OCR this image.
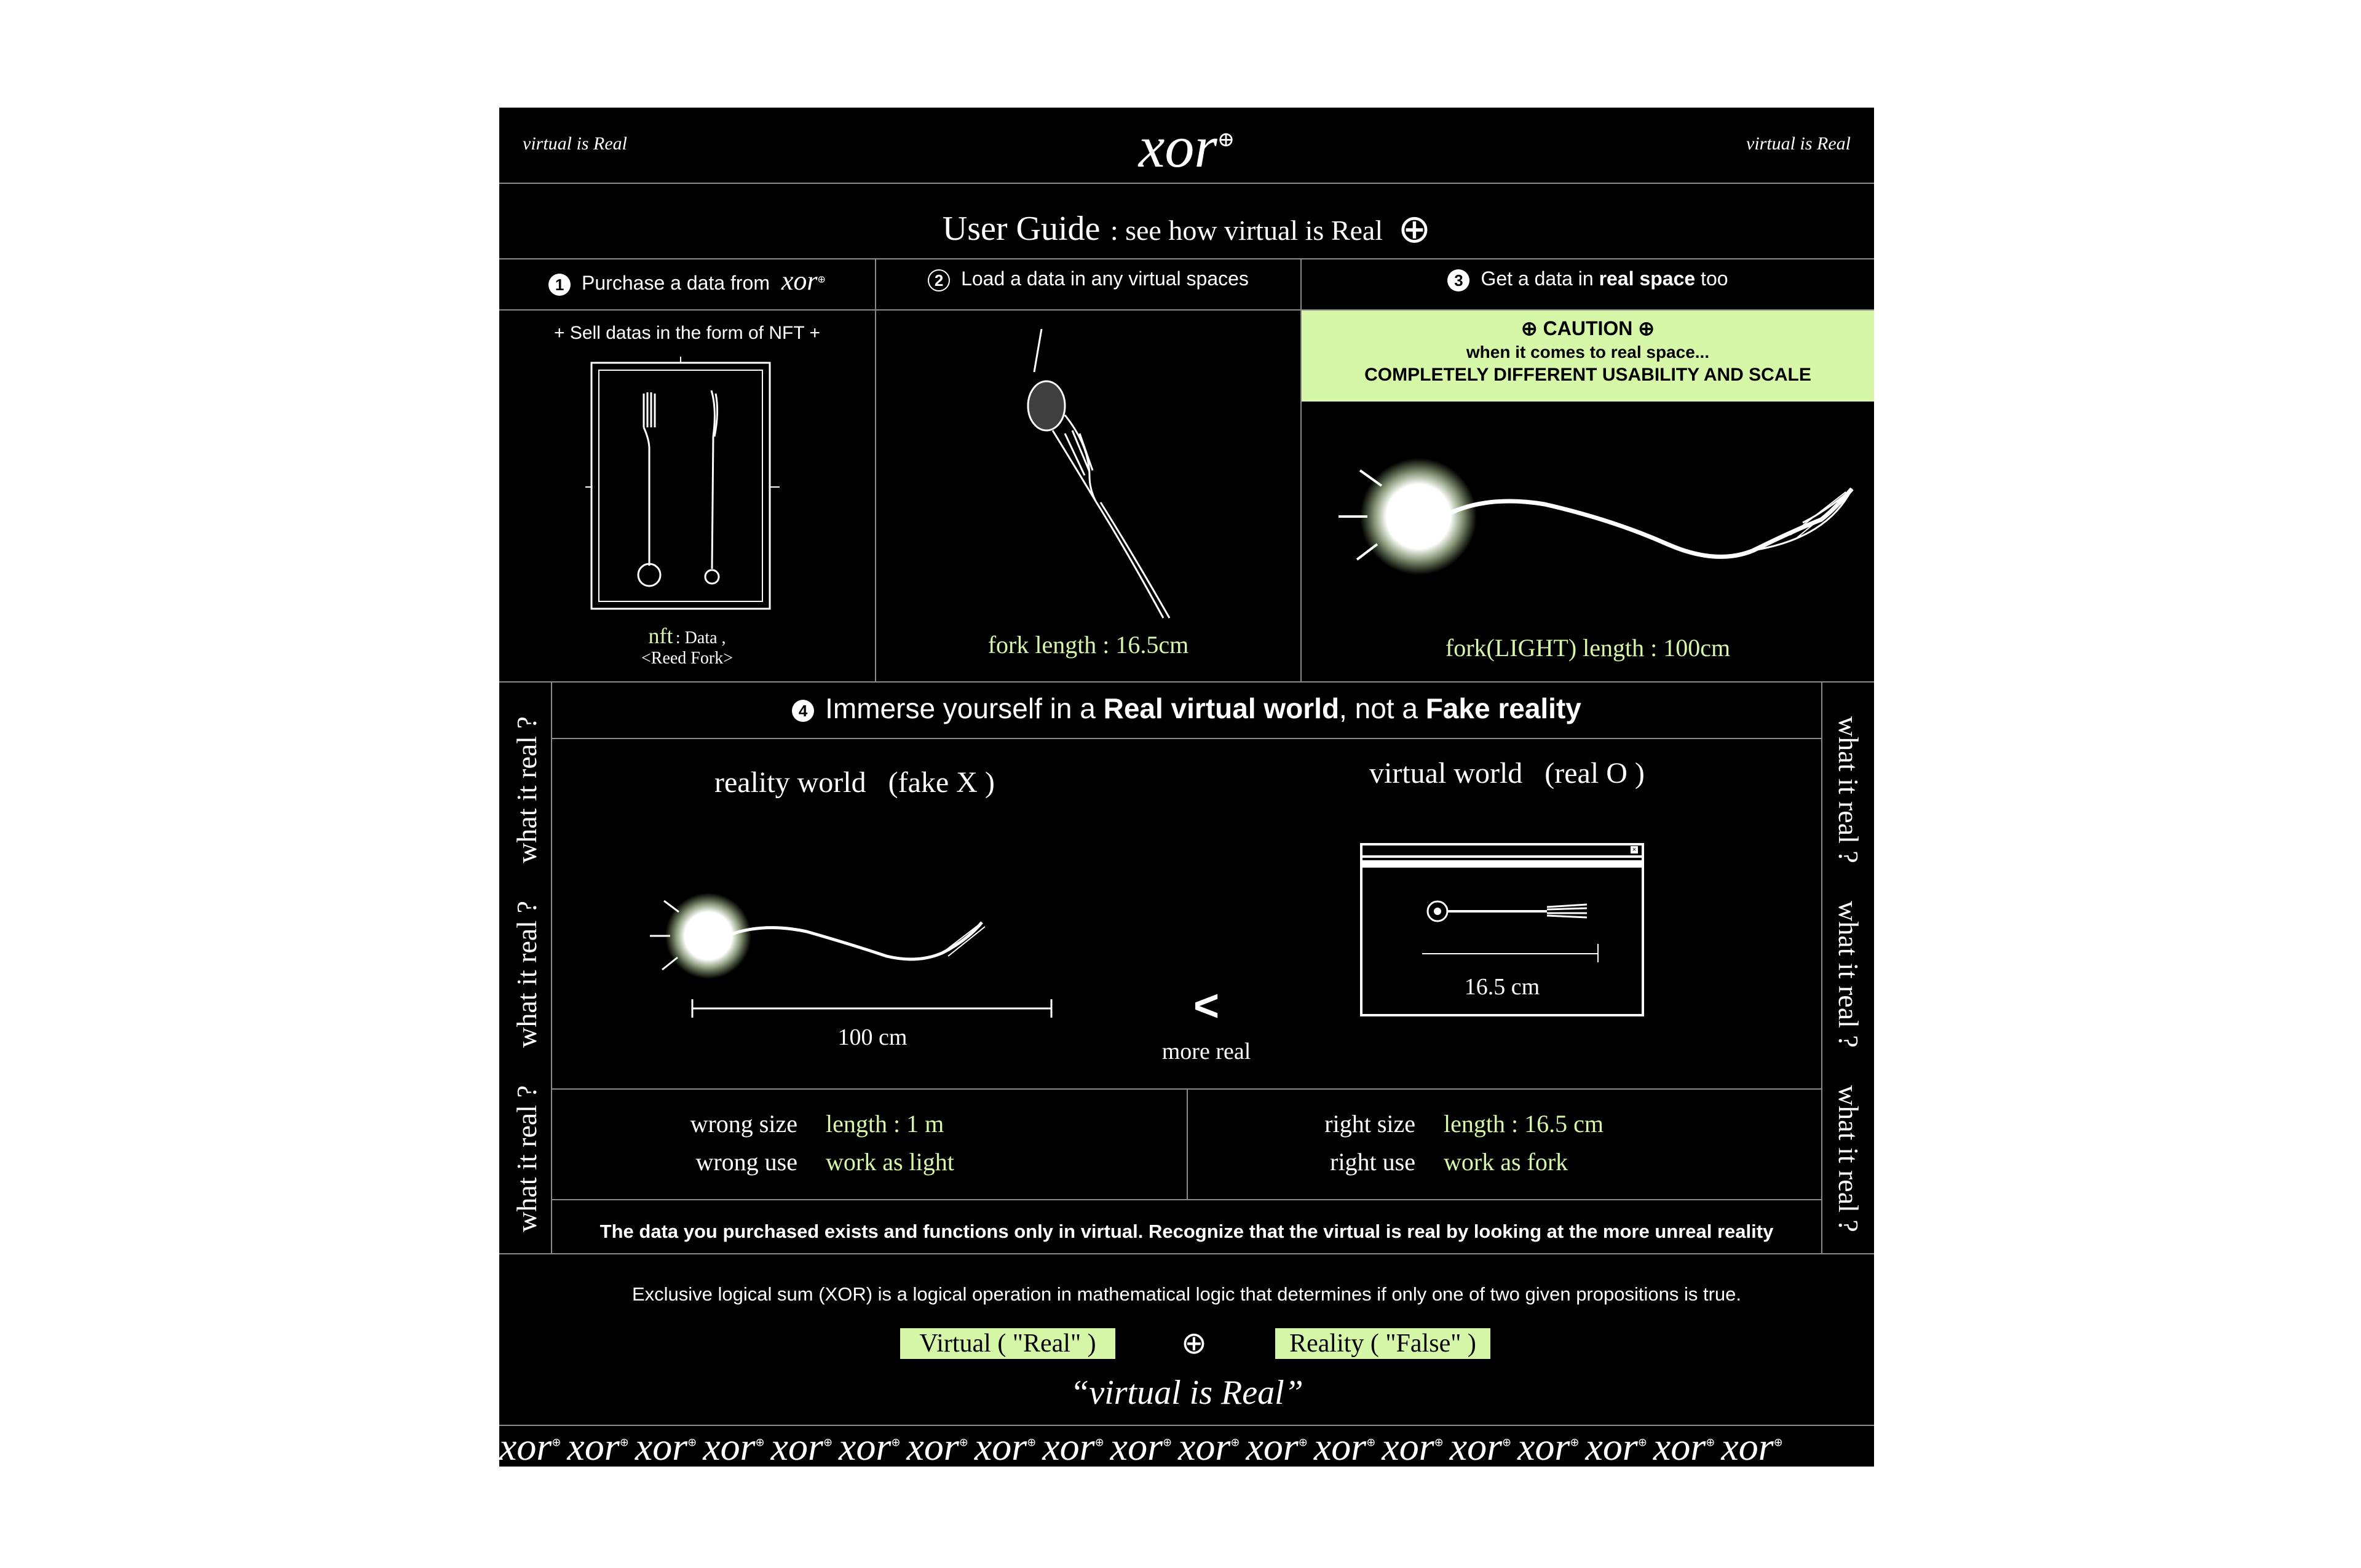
virtual is Real	xor⊕	virtual is Real
User Guide : see how virtual is Real ⊕
1 Purchase a data from xor⊕	2 Load a data in any virtual spaces	3 Get a data in real space too
+ Sell datas in the form of NFT +
nft : Data ,
<Reed Fork>	fork length : 16.5cm
⊕ CAUTION ⊕
when it comes to real space...
COMPLETELY DIFFERENT USABILITY AND SCALE
fork(LIGHT) length : 100cm
what it real ?
what it real ?
what it real ?
what it real ?
what it real ?
what it real ?
4 Immerse yourself in a Real virtual world, not a Fake reality
reality world (fake X )	virtual world (real O )
100 cm
<
more real
×
16.5 cm
wrong size length : 1 m
wrong use work as light
right size length : 16.5 cm
right use work as fork
The data you purchased exists and functions only in virtual. Recognize that the virtual is real by looking at the more unreal reality
Exclusive logical sum (XOR) is a logical operation in mathematical logic that determines if only one of two given propositions is true.
Virtual ( "Real" )	⊕	Reality ( "False" )
“virtual is Real”
xor⊕ xor⊕ xor⊕ xor⊕ xor⊕ xor⊕ xor⊕ xor⊕ xor⊕ xor⊕ xor⊕ xor⊕ xor⊕ xor⊕ xor⊕ xor⊕ xor⊕ xor⊕ xor⊕
